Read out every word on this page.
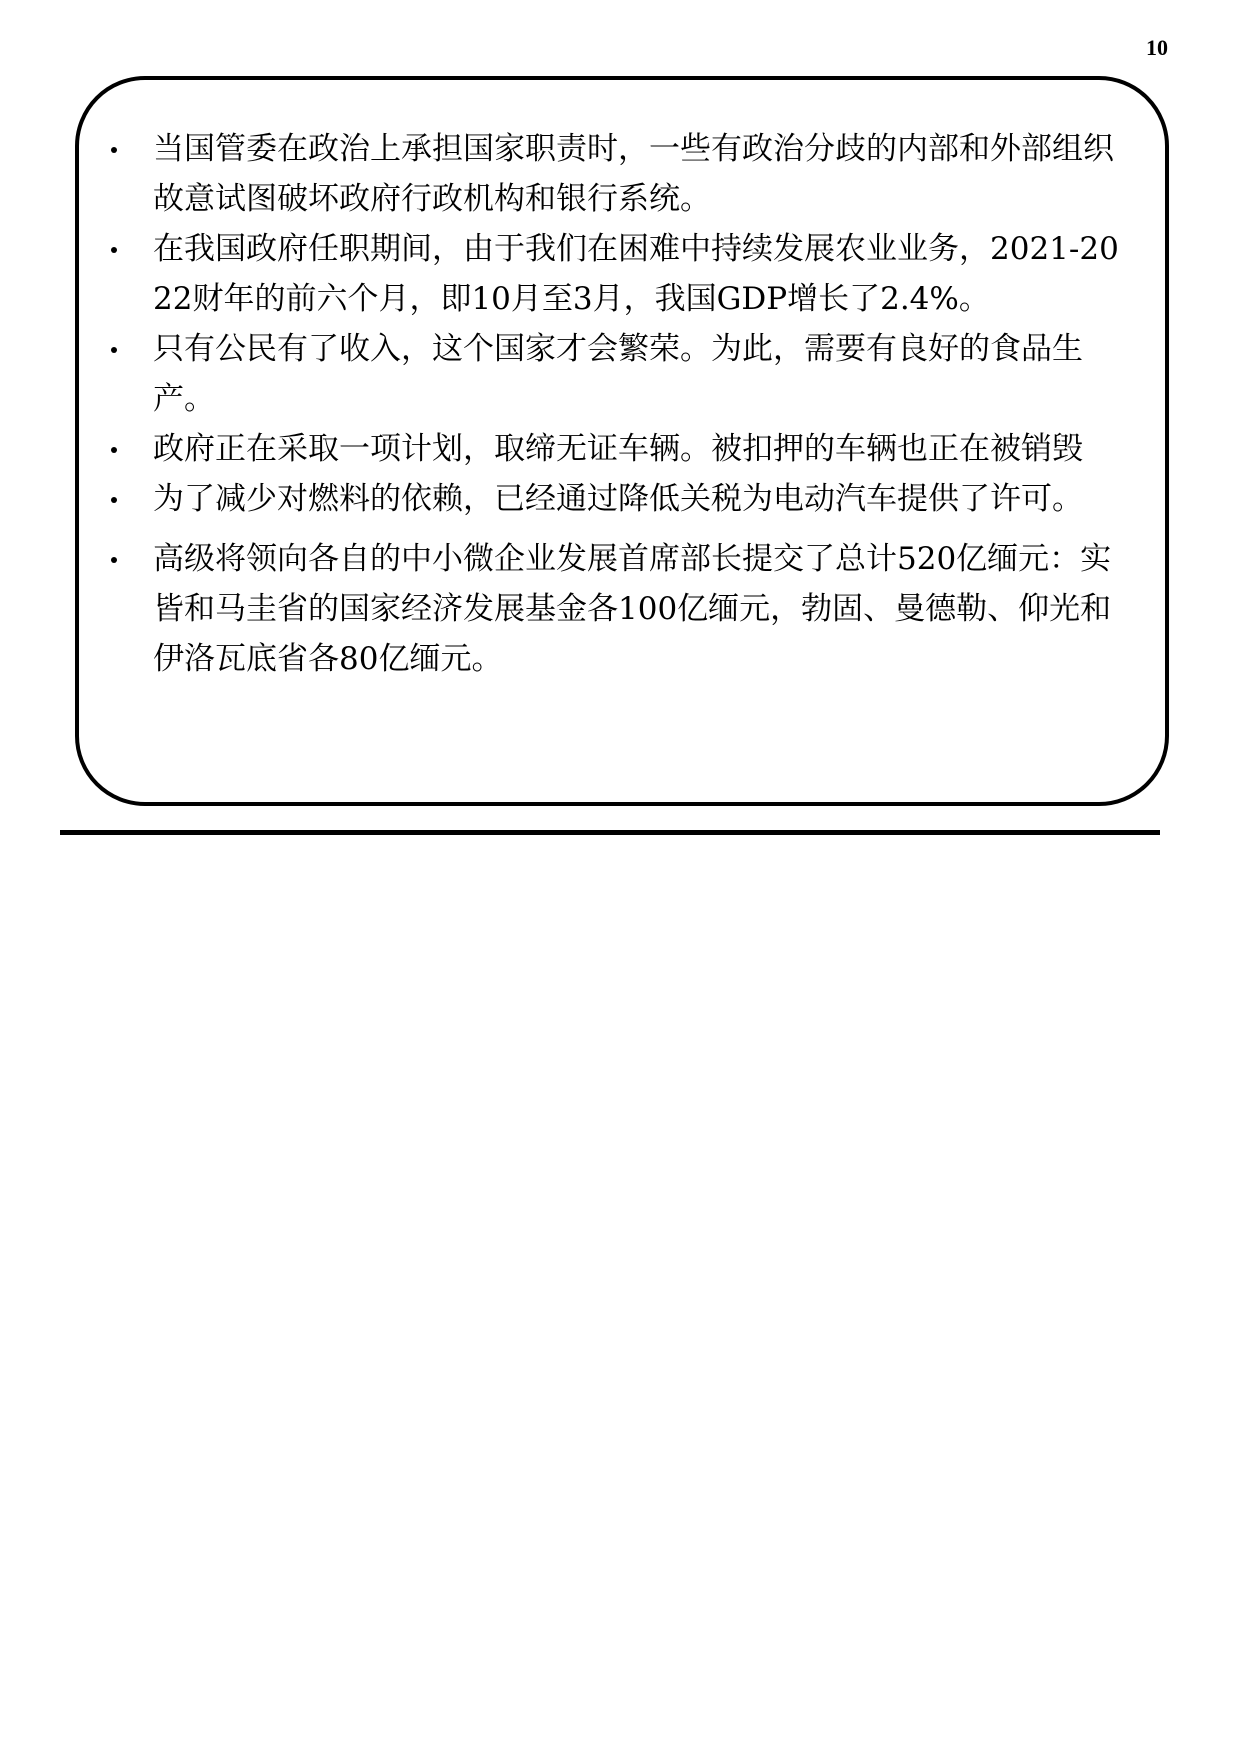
10
当国管委在政治上承担国家职责时，一些有政治分歧的内部和外部组织故意试图破坏政府行政机构和银行系统。
在我国政府任职期间，由于我们在困难中持续发展农业业务，2021-2022财年的前六个月，即10月至3月，我国GDP增长了2.4%。
只有公民有了收入，这个国家才会繁荣。为此，需要有良好的食品生产。
政府正在采取一项计划，取缔无证车辆。被扣押的车辆也正在被销毁
为了减少对燃料的依赖，已经通过降低关税为电动汽车提供了许可。
高级将领向各自的中小微企业发展首席部长提交了总计520亿缅元：实皆和马圭省的国家经济发展基金各100亿缅元，勃固、曼德勒、仰光和伊洛瓦底省各80亿缅元。
